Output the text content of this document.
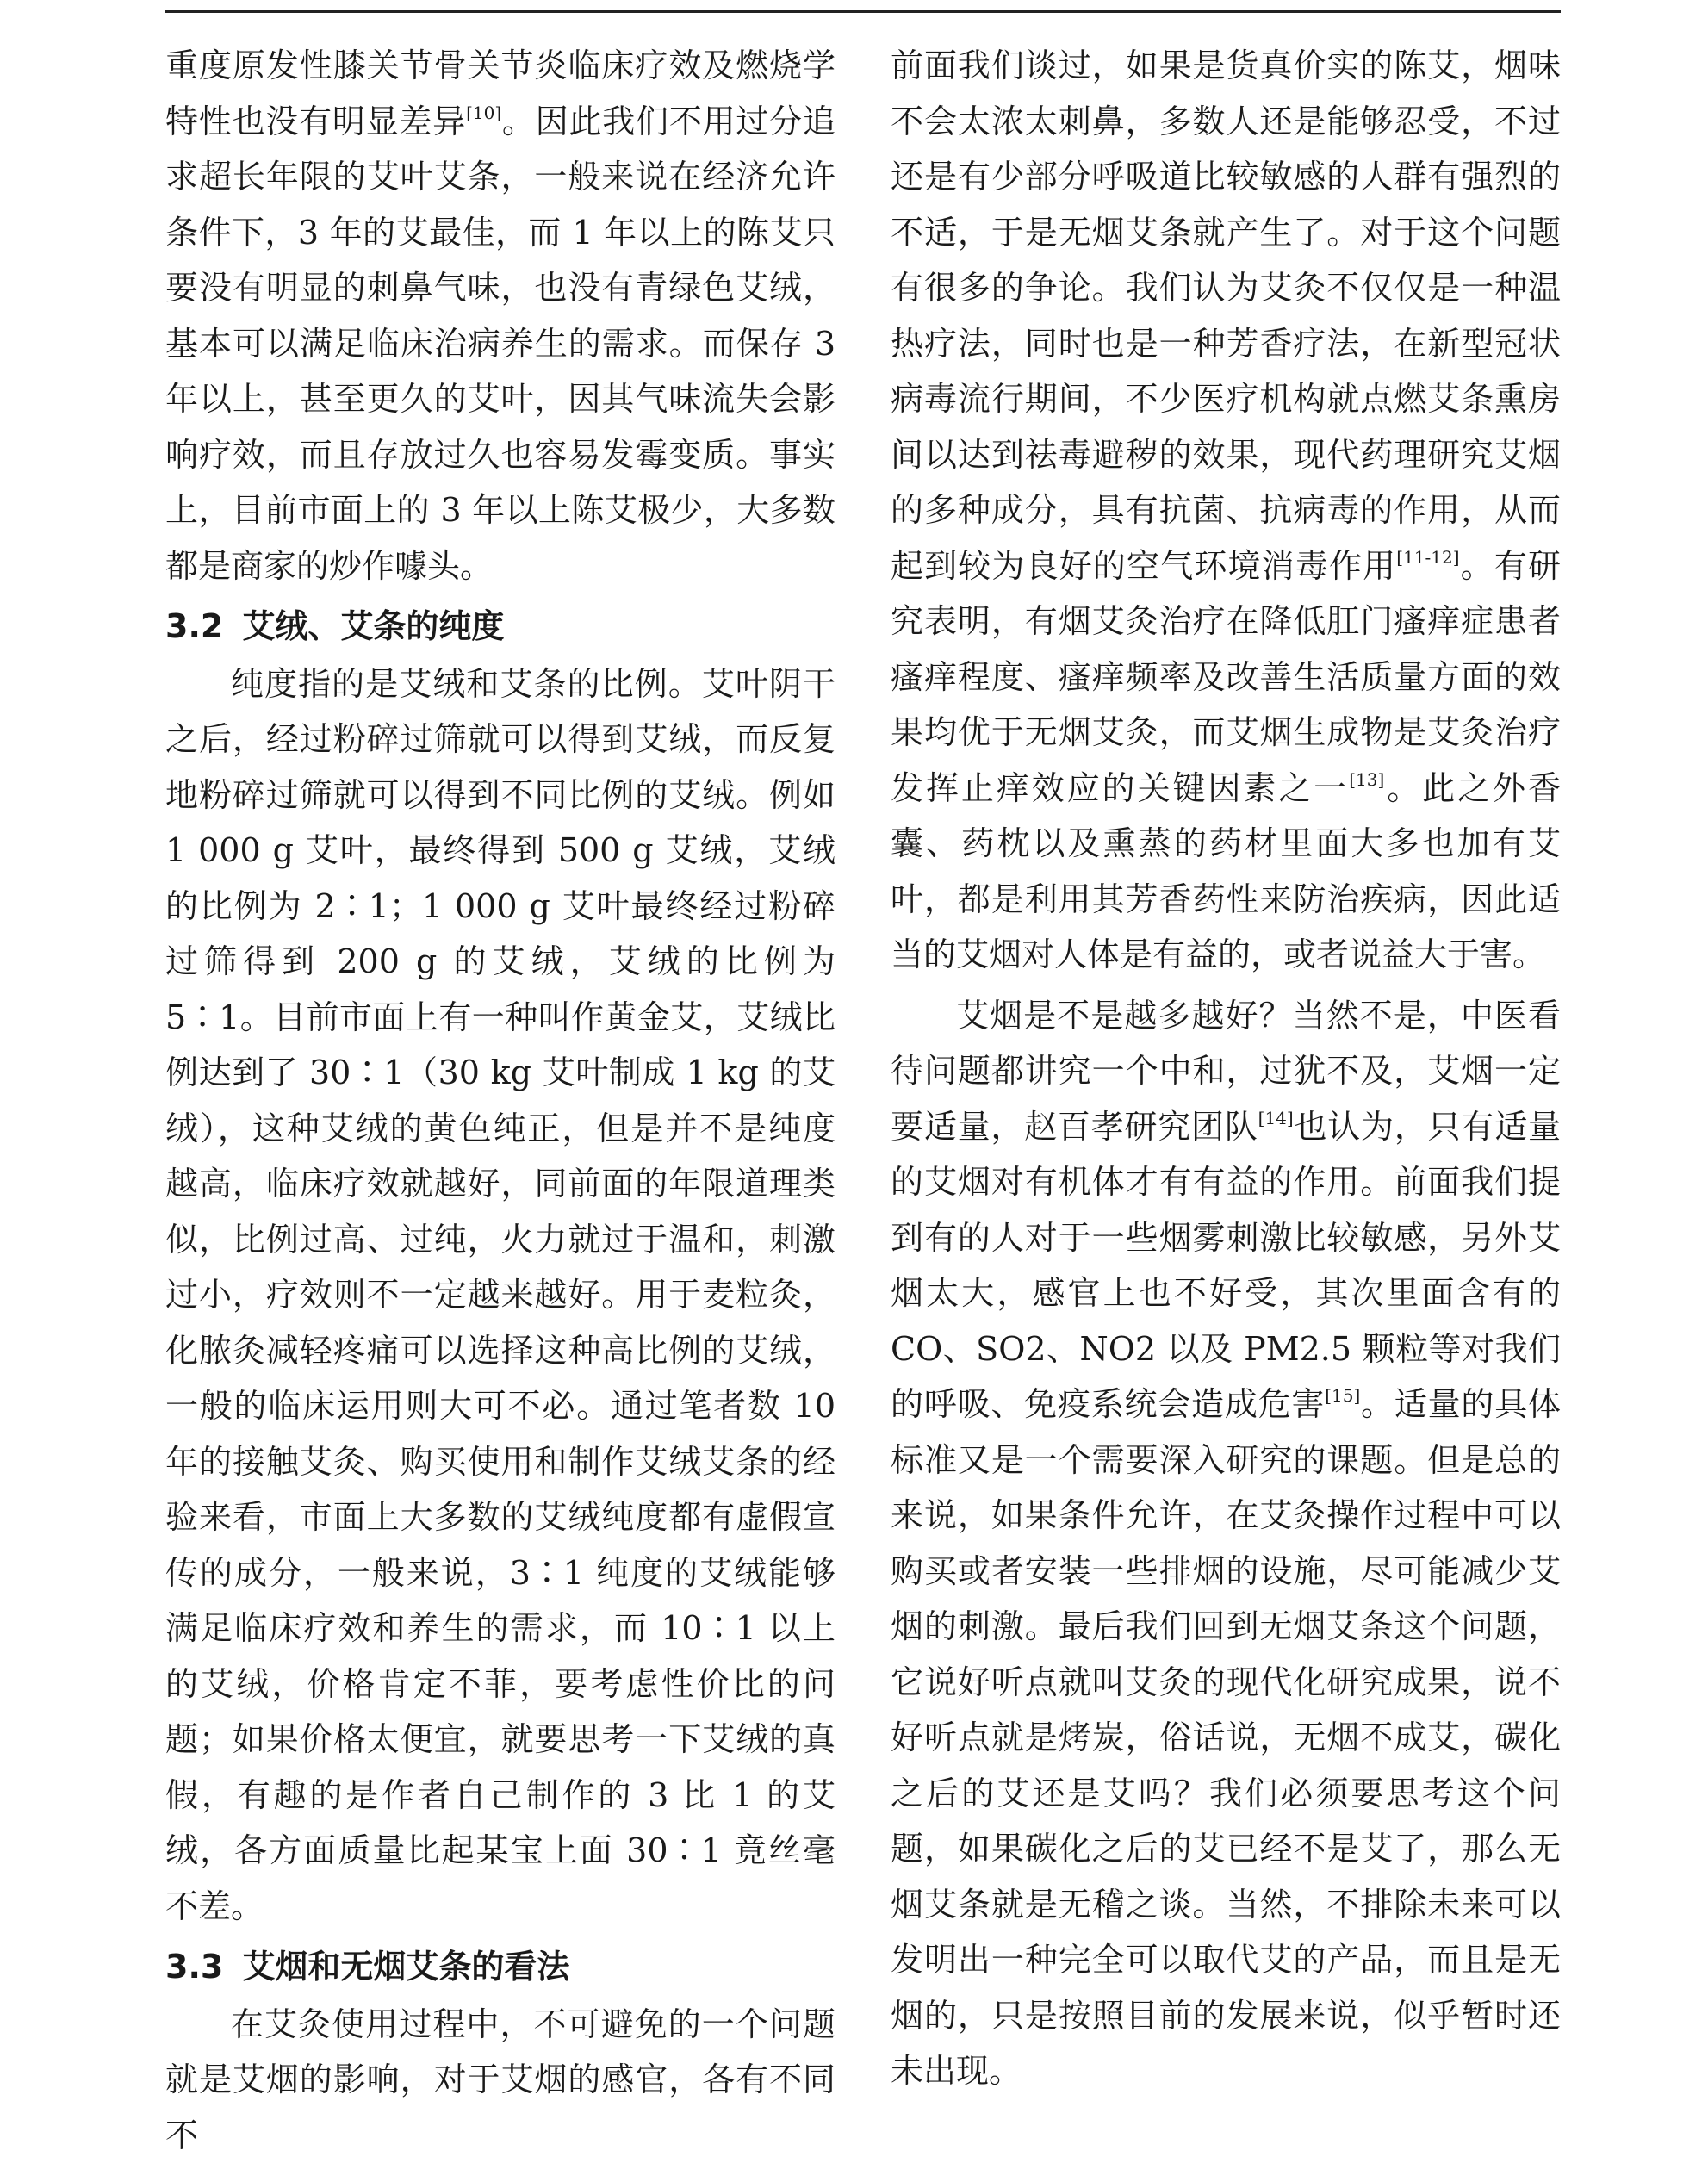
重度原发性膝关节骨关节炎临床疗效及燃烧学特性也没有明显差异[10]。因此我们不用过分追求超长年限的艾叶艾条，一般来说在经济允许条件下，3 年的艾最佳，而 1 年以上的陈艾只要没有明显的刺鼻气味，也没有青绿色艾绒，基本可以满足临床治病养生的需求。而保存 3 年以上，甚至更久的艾叶，因其气味流失会影响疗效，而且存放过久也容易发霉变质。事实上，目前市面上的 3 年以上陈艾极少，大多数都是商家的炒作噱头。

3.2 艾绒、艾条的纯度

纯度指的是艾绒和艾条的比例。艾叶阴干之后，经过粉碎过筛就可以得到艾绒，而反复地粉碎过筛就可以得到不同比例的艾绒。例如 1 000 g 艾叶，最终得到 500 g 艾绒，艾绒的比例为 2∶1；1 000 g 艾叶最终经过粉碎过筛得到 200 g 的艾绒，艾绒的比例为 5∶1。目前市面上有一种叫作黄金艾，艾绒比例达到了 30∶1（30 kg 艾叶制成 1 kg 的艾绒），这种艾绒的黄色纯正，但是并不是纯度越高，临床疗效就越好，同前面的年限道理类似，比例过高、过纯，火力就过于温和，刺激过小，疗效则不一定越来越好。用于麦粒灸，化脓灸减轻疼痛可以选择这种高比例的艾绒，一般的临床运用则大可不必。通过笔者数 10 年的接触艾灸、购买使用和制作艾绒艾条的经验来看，市面上大多数的艾绒纯度都有虚假宣传的成分，一般来说，3∶1 纯度的艾绒能够满足临床疗效和养生的需求，而 10∶1 以上的艾绒，价格肯定不菲，要考虑性价比的问题；如果价格太便宜，就要思考一下艾绒的真假，有趣的是作者自己制作的 3 比 1 的艾绒，各方面质量比起某宝上面 30∶1 竟丝毫不差。

3.3 艾烟和无烟艾条的看法

在艾灸使用过程中，不可避免的一个问题就是艾烟的影响，对于艾烟的感官，各有不同不

前面我们谈过，如果是货真价实的陈艾，烟味不会太浓太刺鼻，多数人还是能够忍受，不过还是有少部分呼吸道比较敏感的人群有强烈的不适，于是无烟艾条就产生了。对于这个问题有很多的争论。我们认为艾灸不仅仅是一种温热疗法，同时也是一种芳香疗法，在新型冠状病毒流行期间，不少医疗机构就点燃艾条熏房间以达到祛毒避秽的效果，现代药理研究艾烟的多种成分，具有抗菌、抗病毒的作用，从而起到较为良好的空气环境消毒作用[11-12]。有研究表明，有烟艾灸治疗在降低肛门瘙痒症患者瘙痒程度、瘙痒频率及改善生活质量方面的效果均优于无烟艾灸，而艾烟生成物是艾灸治疗发挥止痒效应的关键因素之一[13]。此之外香囊、药枕以及熏蒸的药材里面大多也加有艾叶，都是利用其芳香药性来防治疾病，因此适当的艾烟对人体是有益的，或者说益大于害。

艾烟是不是越多越好？当然不是，中医看待问题都讲究一个中和，过犹不及，艾烟一定要适量，赵百孝研究团队[14]也认为，只有适量的艾烟对有机体才有有益的作用。前面我们提到有的人对于一些烟雾刺激比较敏感，另外艾烟太大，感官上也不好受，其次里面含有的 CO、SO2、NO2 以及 PM2.5 颗粒等对我们的呼吸、免疫系统会造成危害[15]。适量的具体标准又是一个需要深入研究的课题。但是总的来说，如果条件允许，在艾灸操作过程中可以购买或者安装一些排烟的设施，尽可能减少艾烟的刺激。最后我们回到无烟艾条这个问题，它说好听点就叫艾灸的现代化研究成果，说不好听点就是烤炭，俗话说，无烟不成艾，碳化之后的艾还是艾吗？我们必须要思考这个问题，如果碳化之后的艾已经不是艾了，那么无烟艾条就是无稽之谈。当然，不排除未来可以发明出一种完全可以取代艾的产品，而且是无烟的，只是按照目前的发展来说，似乎暂时还未出现。
